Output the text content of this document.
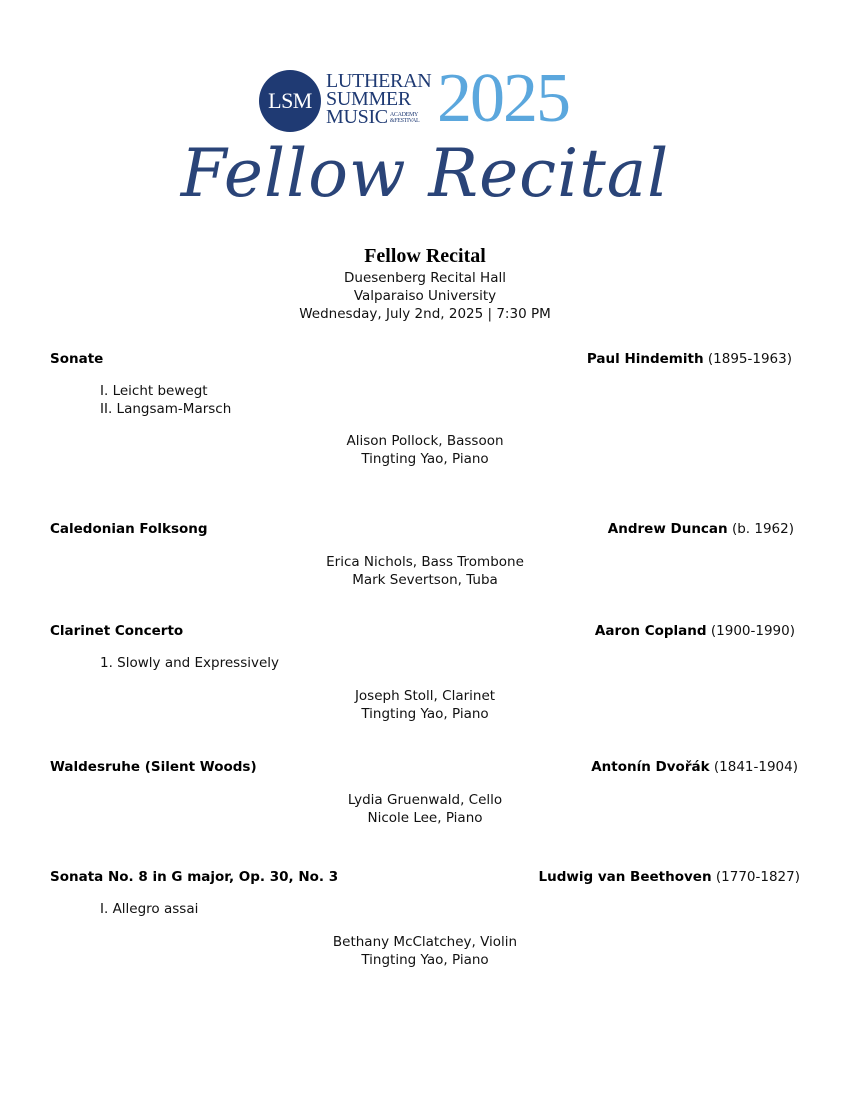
LSM
LUTHERAN
SUMMER
MUSIC ACADEMY &FESTIVAL 2025
Fellow Recital
Fellow Recital
Duesenberg Recital Hall
Valparaiso University
Wednesday, July 2nd, 2025 | 7:30 PM
Sonate	Paul Hindemith (1895-1963)
I. Leicht bewegt
II. Langsam-Marsch
Alison Pollock, Bassoon
Tingting Yao, Piano
Caledonian Folksong	Andrew Duncan (b. 1962)
Erica Nichols, Bass Trombone
Mark Severtson, Tuba
Clarinet Concerto	Aaron Copland (1900-1990)
1. Slowly and Expressively
Joseph Stoll, Clarinet
Tingting Yao, Piano
Waldesruhe (Silent Woods)	Antonín Dvořák (1841-1904)
Lydia Gruenwald, Cello
Nicole Lee, Piano
Sonata No. 8 in G major, Op. 30, No. 3	Ludwig van Beethoven (1770-1827)
I. Allegro assai
Bethany McClatchey, Violin
Tingting Yao, Piano
